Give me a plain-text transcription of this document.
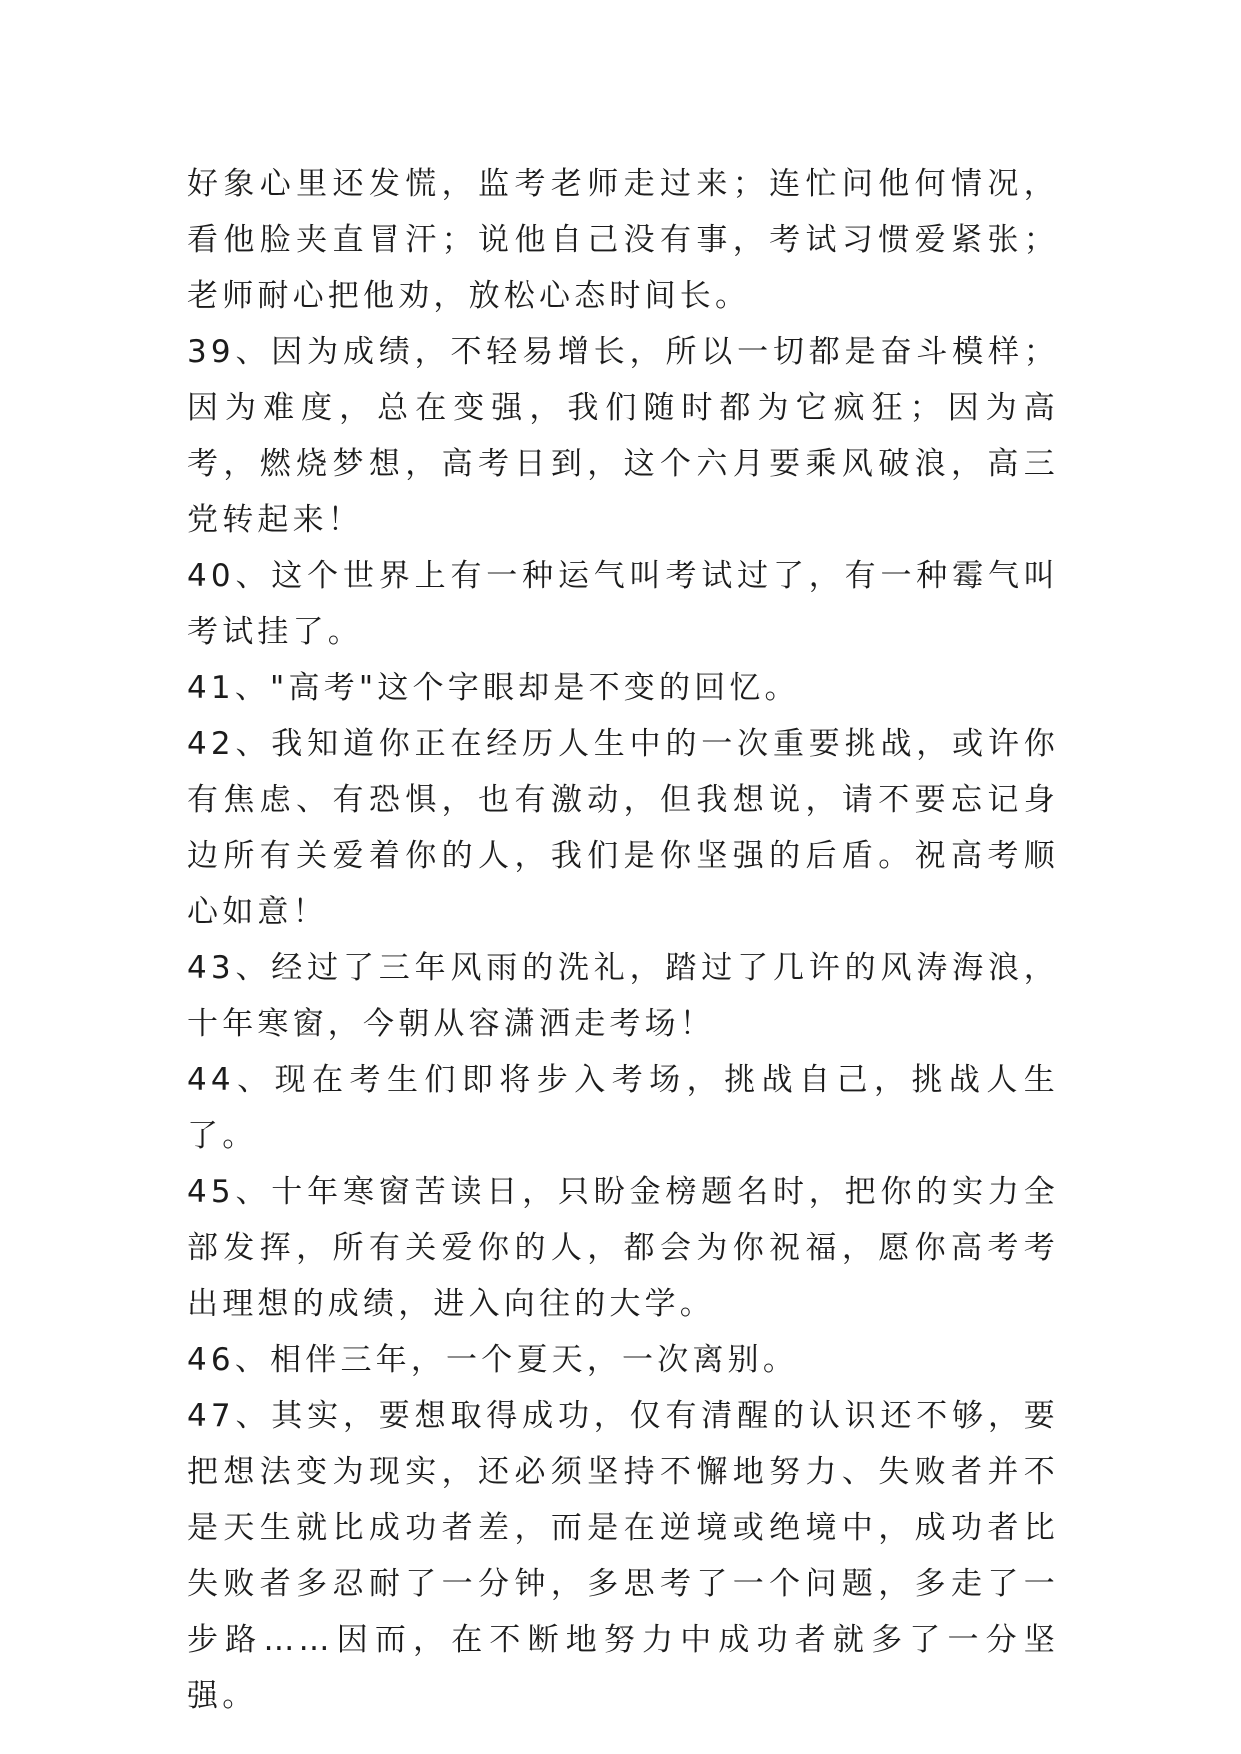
好象心里还发慌，监考老师走过来；连忙问他何情况，看他脸夹直冒汗；说他自己没有事，考试习惯爱紧张；老师耐心把他劝，放松心态时间长。

39、因为成绩，不轻易增长，所以一切都是奋斗模样；因为难度，总在变强，我们随时都为它疯狂；因为高考，燃烧梦想，高考日到，这个六月要乘风破浪，高三党转起来！

40、这个世界上有一种运气叫考试过了，有一种霉气叫考试挂了。

41、"高考"这个字眼却是不变的回忆。

42、我知道你正在经历人生中的一次重要挑战，或许你有焦虑、有恐惧，也有激动，但我想说，请不要忘记身边所有关爱着你的人，我们是你坚强的后盾。祝高考顺心如意！

43、经过了三年风雨的洗礼，踏过了几许的风涛海浪，十年寒窗，今朝从容潇洒走考场！

44、现在考生们即将步入考场，挑战自己，挑战人生了。

45、十年寒窗苦读日，只盼金榜题名时，把你的实力全部发挥，所有关爱你的人，都会为你祝福，愿你高考考出理想的成绩，进入向往的大学。

46、相伴三年，一个夏天，一次离别。

47、其实，要想取得成功，仅有清醒的认识还不够，要把想法变为现实，还必须坚持不懈地努力、失败者并不是天生就比成功者差，而是在逆境或绝境中，成功者比失败者多忍耐了一分钟，多思考了一个问题，多走了一步路……因而，在不断地努力中成功者就多了一分坚强。
